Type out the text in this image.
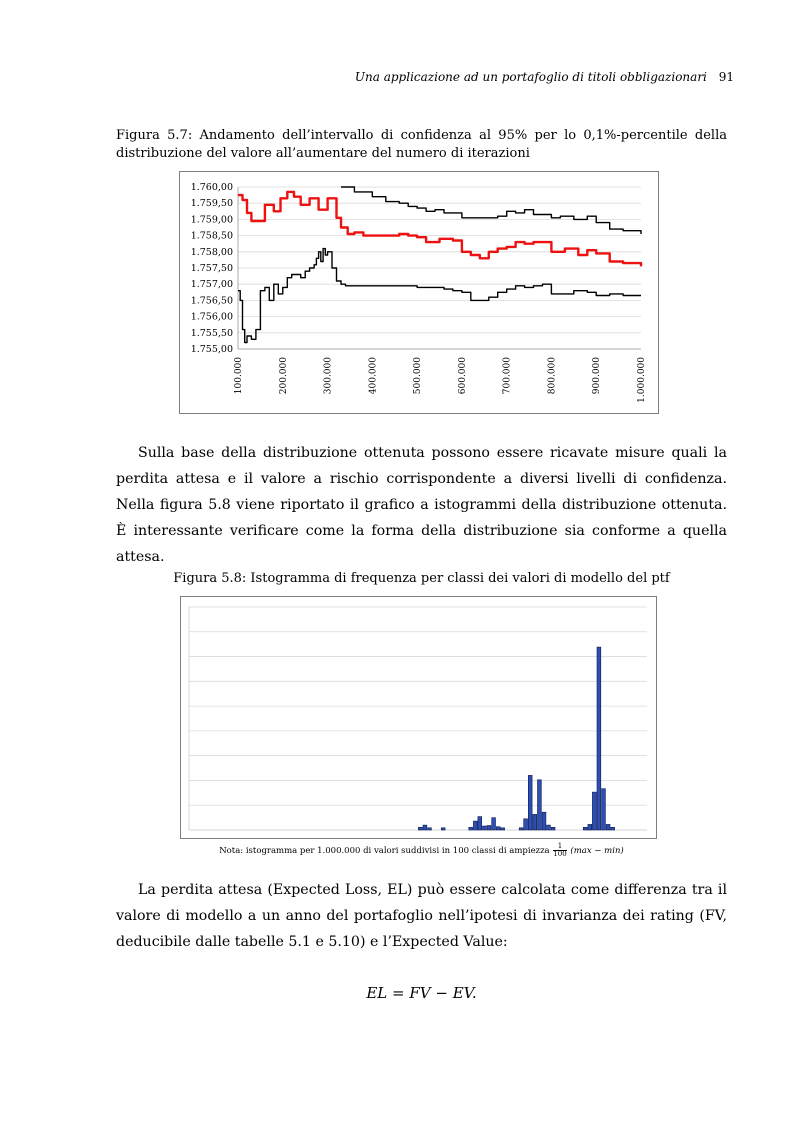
Una applicazione ad un portafoglio di titoli obbligazionari 91
Figura 5.7: Andamento dell’intervallo di confidenza al 95% per lo 0,1%-percentile della distribuzione del valore all’aumentare del numero di iterazioni
1.755,00
1.755,50
1.756,00
1.756,50
1.757,00
1.757,50
1.758,00
1.758,50
1.759,00
1.759,50
1.760,00
100.000	200.000	300.000	400.000	500.000	600.000	700.000	800.000	900.000	1.000.000

Sulla base della distribuzione ottenuta possono essere ricavate misure quali la perdita attesa e il valore a rischio corrispondente a diversi livelli di confidenza. Nella figura 5.8 viene riportato il grafico a istogrammi della distribuzione ottenuta. È interessante verificare come la forma della distribuzione sia conforme a quella attesa.

Figura 5.8: Istogramma di frequenza per classi dei valori di modello del ptf
Nota: istogramma per 1.000.000 di valori suddivisi in 100 classi di ampiezza $\frac{1}{100} (\max - \min)$

La perdita attesa (Expected Loss, EL) può essere calcolata come differenza tra il valore di modello a un anno del portafoglio nell’ipotesi di invarianza dei rating (FV, deducibile dalle tabelle 5.1 e 5.10) e l’Expected Value:

EL = FV − EV.
